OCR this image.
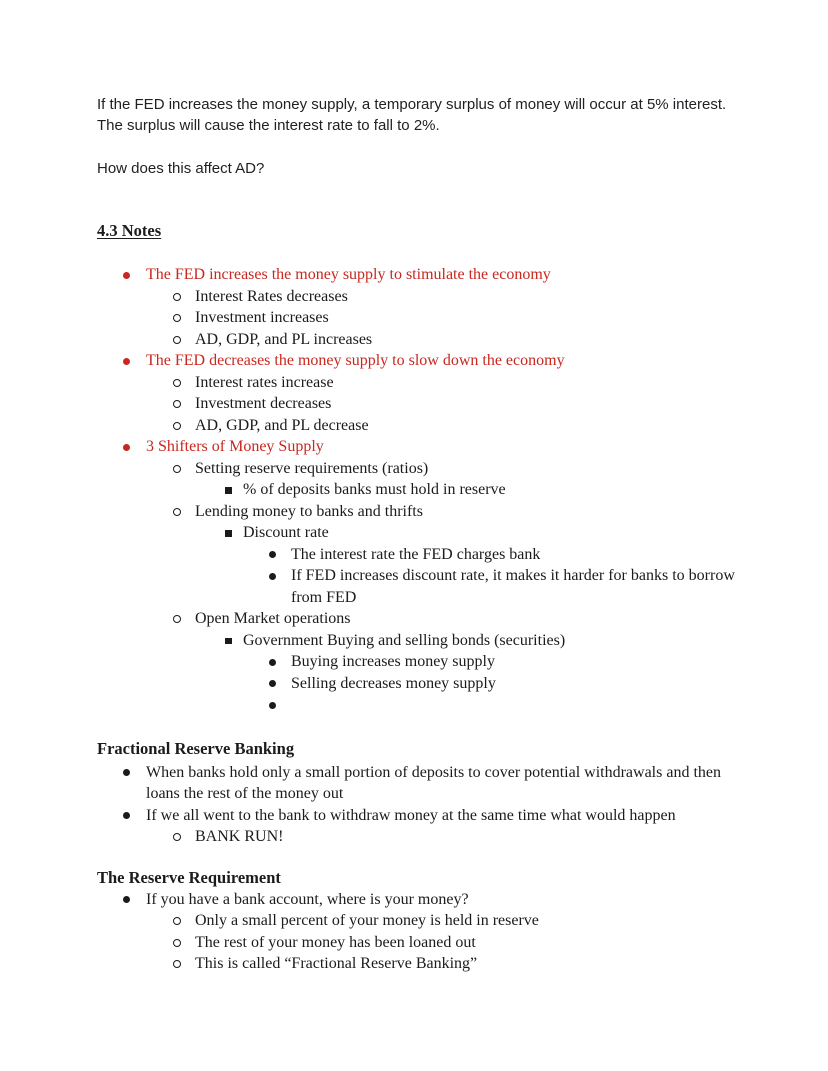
If the FED increases the money supply, a temporary surplus of money will occur at 5% interest.
The surplus will cause the interest rate to fall to 2%.
How does this affect AD?
4.3 Notes
The FED increases the money supply to stimulate the economy
Interest Rates decreases
Investment increases
AD, GDP, and PL increases
The FED decreases the money supply to slow down the economy
Interest rates increase
Investment decreases
AD, GDP, and PL decrease
3 Shifters of Money Supply
Setting reserve requirements (ratios)
% of deposits banks must hold in reserve
Lending money to banks and thrifts
Discount rate
The interest rate the FED charges bank
If FED increases discount rate, it makes it harder for banks to borrow from FED
Open Market operations
Government Buying and selling bonds (securities)
Buying increases money supply
Selling decreases money supply
Fractional Reserve Banking
When banks hold only a small portion of deposits to cover potential withdrawals and then loans the rest of the money out
If we all went to the bank to withdraw money at the same time what would happen
BANK RUN!
The Reserve Requirement
If you have a bank account, where is your money?
Only a small percent of your money is held in reserve
The rest of your money has been loaned out
This is called “Fractional Reserve Banking”
